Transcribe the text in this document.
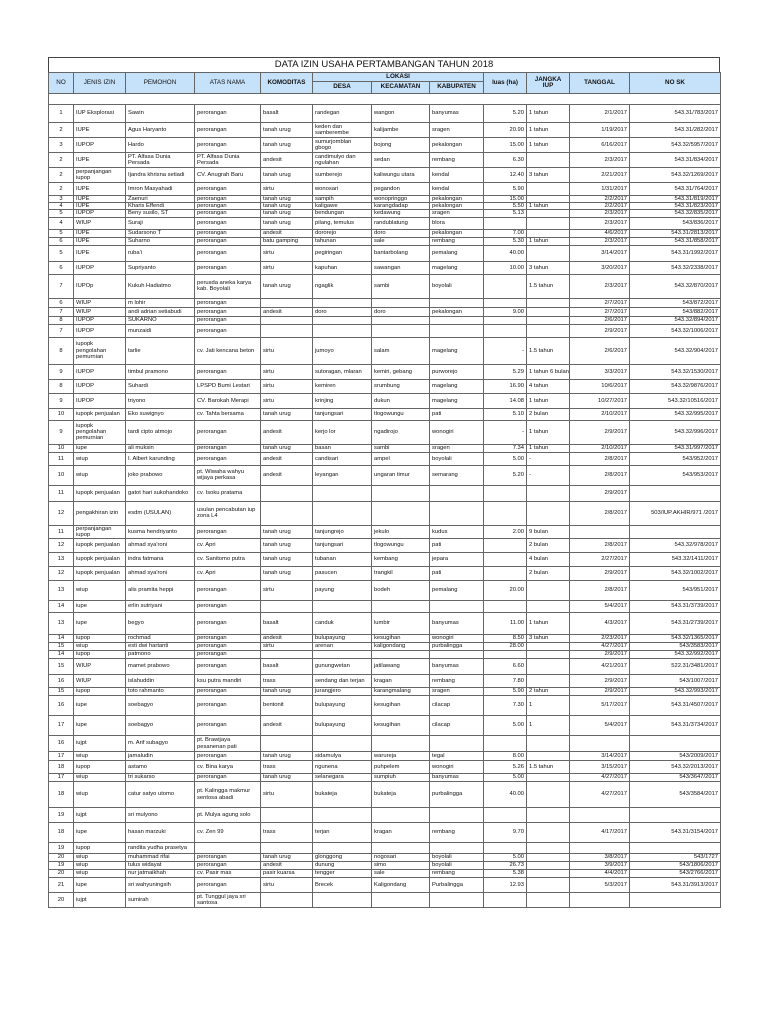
DATA IZIN USAHA PERTAMBANGAN TAHUN 2018
NO	JENIS IZIN	PEMOHON	ATAS NAMA	KOMODITAS	LOKASI			luas (ha)	JANGKA IUP	TANGGAL	NO SK
					DESA	KECAMATAN	KABUPATEN				

1	IUP Eksplorasi	Sawin	perorangan	basalt	randegan	wangon	banyumas	5.20	1 tahun	2/1/2017	543.31/783/2017
2	IUPE	Agus Haryanto	perorangan	tanah urug	keden dan samberembe	kalijambe	sragen	20.90	1 tahun	1/19/2017	543.31/282/2017
3	IUPOP	Hardo	perorangan	tanah urug	sumurjomblan gbogo	bojong	pekalongan	15.00	1 tahun	6/16/2017	543.32/5957/2017
2	IUPE	PT. Alfasa Dunia Persada	PT. Alfasa Dunia Persada	andesit	candimulyo dan ngulahan	sedan	rembang	6.30		2/3/2017	543.31/834/2017
2	perpanjangan iupop	Ijandra khrisna setiadi	CV. Anugrah Baru	tanah urug	sumberejo	kaliwungu utara	kendal	12.40	3 tahun	2/21/2017	543.32/1269/2017
2	IUPE	Imron Masyahadi	perorangan	sirtu	wonosari	pegandon	kendal	5.90		1/31/2017	543.31/764/2017
3	IUPE	Zaenuri	perorangan	tanah urug	sampih	wonopringgo	pekalongan	15.00		2/2/2017	543.31/819/2017
4	IUPE	Kharis Effendi	perorangan	tanah urug	kaligawe	karangdadap	pekalongan	5.50	1 tahun	2/2/2017	543.31/823/2017
5	IUPOP	Beny susilo, ST	perorangan	tanah urug	bendungan	kedawung	sragen	5.13		2/3/2017	543.32/835/2017
4	WIUP	Suraji	perorangan	tanah urug	pilang, temulus	randublatung	blora			2/3/2017	543/836/2017
5	IUPE	Sudarsono T	perorangan	andesit	dororejo	doro	pekalongan	7.00		4/6/2017	543.31/2813/2017
6	IUPE	Suharno	perorangan	batu gamping	tahunan	sale	rembang	5.30	1 tahun	2/3/2017	543.31/858/2017
5	IUPE	ruba'i	perorangan	sirtu	pegiringan	bantarbolang	pemalang	40.00		3/14/2017	543.31/1992/2017
6	IUPOP	Supriyanto	perorangan	sirtu	kapuhan	sawangan	magelang	10.00	3 tahun	3/20/2017	543.32/2338/2017
7	IUPOp	Kukuh Hadiatmo	perusda aneka karya kab. Boyolali	tanah urug	ngaglik	sambi	boyolali		1.5 tahun	2/3/2017	543.32/870/2017
6	WIUP	m lohir	perorangan							2/7/2017	543/872/2017
7	WIUP	andi adrian setiabudi	perorangan	andesit	doro	doro	pekalongan	9.00		2/7/2017	543/882/2017
8	IUPOP	SUKARNO	perorangan							2/6/2017	543.32/894/2017
7	IUPOP	munzaidi	perorangan							2/9/2017	543.32/1006/2017
8	iupopk pengolahan pemurnian	tarlie	cv. Jati kencana beton	sirtu	jumoyo	salam	magelang	-	1.5 tahun	2/6/2017	543.32/904/2017
9	IUPOP	timbul pramono	perorangan	sirtu	sutoragan, mlaran	kemiri, gebang	purworejo	5.29	1 tahun 6 bulan	3/3/2017	543.32/1530/2017
8	IUPOP	Suhardi	LPSPD Bumi Lestari	sirtu	kemiren	srumbung	magelang	16.90	4 tahun	10/6/2017	543.32/9876/2017
9	IUPOP	triyono	CV. Barokah Merapi	sirtu	krinjing	dukun	magelang	14.08	1 tahun	10/27/2017	543.32/10516/2017
10	iupopk penjualan	Eko suwignyo	cv. Tahta bersama	tanah urug	tanjungsari	tlogowungu	pati	5.10	2 bulan	2/10/2017	543.32/995/2017
9	iupopk pengolahan pemurnian	tardi cipto atmojo	perorangan	andesit	kerjo lor	ngadirojo	wonogiri	-	1 tahun	2/9/2017	543.32/996/2017
10	iupe	ali muksin	perorangan	tanah urug	basan	sambi	sragen	7.34	1 tahun	2/10/2017	543.31/997/2017
11	wiup	I. Albert karunding	perorangan	andesit	candisari	ampel	boyolali	5.00	-	2/8/2017	543/952/2017
10	wiup	joko prabowo	pt. Wiwaha wahyu wijaya perkasa	andesit	leyangan	ungaran timur	semarang	5.20	-	2/8/2017	543/953/2017
11	iupopk penjualan	gatot hari sukohandoko	cv. Isoku pratama							2/9/2017	
12	pengakhiran izin	esdm (USULAN)	usulan pencabutan iup zona L4							2/8/2017	503/IUP.AKHIR/971 /2017
11	perpanjangan iupop	kusma hendriyanto	perorangan	tanah urug	tanjungrejo	jekulo	kudus	2.00	9 bulan		
12	iupopk penjualan	ahmad sya'roni	cv. Apri	tanah urug	tanjungsari	tlogowungu	pati		2 bulan	2/8/2017	543.32/978/2017
13	iupopk penjualan	indra fatmana	cv. Sanitomo putra	tanah urug	tubanan	kembang	jepara		4 bulan	2/27/2017	543.32/1411/2017
12	iupopk penjualan	ahmad sya'roni	cv. Apri	tanah urug	pasucen	trangkil	pati		2 bulan	2/9/2017	543.32/1002/2017
13	wiup	alis pramita heppi	perorangan	sirtu	payung	bodeh	pemalang	20.00		2/8/2017	543/951/2017
14	iupe	erlin sutriyani	perorangan							5/4/2017	543.31/3739/2017
13	iupe	begyo	perorangan	basalt	canduk	lumbir	banyumas	11.00	1 tahun	4/3/2017	543.31/2739/2017
14	iupop	rochmad	perorangan	andesit	bulupayung	kesugihan	wonogiri	8.50	3 tahun	2/23/2017	543.32/1365/2017
15	wiup	esti dwi hartanti	perorangan	sirtu	arenan	kaligondang	purbalingga	28.00		4/27/2017	543/3583/2017
14	iupop	patmono	perorangan							2/9/2017	543.32/992/2017
15	WIUP	mamet prabowo	perorangan	basalt	gunungwetan	jatilawang	banyumas	6.60		4/21/2017	522.31/3481/2017
16	WIUP	islahuddin	ksu putra mandiri	trass	sendang dan terjan	kragan	rembang	7.80		2/9/2017	543/1007/2017
15	iupop	toto rahmanto	perorangan	tanah urug	jurangjero	karangmalang	sragen	5.90	2 tahun	2/9/2017	543.32/993/2017
16	iupe	soebagyo	perorangan	bentonit	bulupayung	kesugihan	cilacap	7.30	1	5/17/2017	543.31/4507/2017
17	iupe	soebagyo	perorangan	andesit	bulupayung	kesugihan	cilacap	5.00	1	5/4/2017	543.31/3734/2017
16	iujpt	m. Arif subagyo	pt. Brawijaya pesanenan pati								
17	wiup	jamaludin	perorangan	tanah urug	sidamulya	warureja	tegal	8.00		3/14/2017	543/2009/2017
18	iupop	astamo	cv. Bina karya	trass	ngunena	puhpelem	wonogiri	5.26	1.5 tahun	3/15/2017	543.32/2013/2017
17	wiup	tri sukarso	perorangan	tanah urug	selanegara	sumpiuh	banyumas	5.00		4/27/2017	543/3647/2017
18	wiup	catur satyo utomo	pt. Kalingga makmur sentosa abadi	sirtu	bukateja	bukateja	purbalingga	40.00		4/27/2017	543/3584/2017
19	iujpt	sri mulyono	pt. Mulya agung solo								
18	iupe	hasan marzuki	cv. Zen 99	trass	terjan	kragan	rembang	9.70		4/17/2017	543.31/3154/2017
19	iupop	randita yudha prasetya									
20	wiup	muhammad rifai	perorangan	tanah urug	glonggong	nogosari	boyolali	5.00		3/8/2017	543/1727
19	wiup	tulus widayat	perorangan	andesit	dunung	simo	boyolali	26.73		3/9/2017	543/1806/2017
20	wiup	nur jatmaikhah	cv. Pasir mas	pasir kuarsa	tengger	sale	rembang	5.38		4/4/2017	543/2766/2017
21	iupe	sri wahyuningsih	perorangan	sirtu	Brecek	Kaligondang	Purbalingga	12.93		5/3/2017	543.31/3913/2017
20	iujpt	sumirah	pt. Tunggul jaya sri santosa								
